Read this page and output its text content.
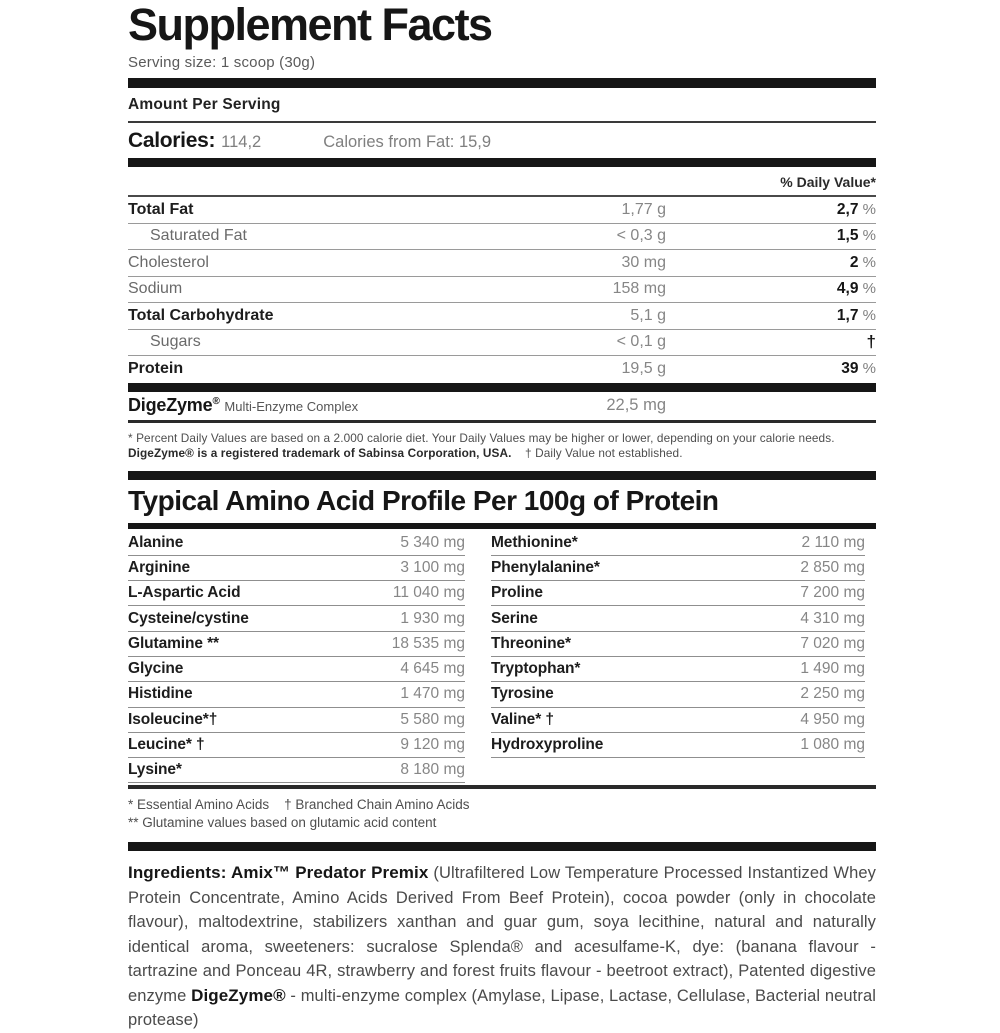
Supplement Facts
Serving size: 1 scoop (30g)
Amount Per Serving
Calories: 114,2	Calories from Fat: 15,9
% Daily Value*
Total Fat	1,77 g	2,7 %
Saturated Fat	< 0,3 g	1,5 %
Cholesterol	30 mg	2 %
Sodium	158 mg	4,9 %
Total Carbohydrate	5,1 g	1,7 %
Sugars	< 0,1 g	†
Protein	19,5 g	39 %
DigeZyme® Multi-Enzyme Complex	22,5 mg
* Percent Daily Values are based on a 2.000 calorie diet. Your Daily Values may be higher or lower, depending on your calorie needs.
DigeZyme® is a registered trademark of Sabinsa Corporation, USA. † Daily Value not established.
Typical Amino Acid Profile Per 100g of Protein
Alanine	5 340 mg
Arginine	3 100 mg
L-Aspartic Acid	11 040 mg
Cysteine/cystine	1 930 mg
Glutamine **	18 535 mg
Glycine	4 645 mg
Histidine	1 470 mg
Isoleucine*†	5 580 mg
Leucine* †	9 120 mg
Lysine*	8 180 mg
Methionine*	2 110 mg
Phenylalanine*	2 850 mg
Proline	7 200 mg
Serine	4 310 mg
Threonine*	7 020 mg
Tryptophan*	1 490 mg
Tyrosine	2 250 mg
Valine* †	4 950 mg
Hydroxyproline	1 080 mg
* Essential Amino Acids † Branched Chain Amino Acids
** Glutamine values based on glutamic acid content
Ingredients: Amix™ Predator Premix (Ultrafiltered Low Temperature Processed Instantized Whey Protein Concentrate, Amino Acids Derived From Beef Protein), cocoa powder (only in chocolate flavour), maltodextrine, stabilizers xanthan and guar gum, soya lecithine, natural and naturally identical aroma, sweeteners: sucralose Splenda® and acesulfame-K, dye: (banana flavour - tartrazine and Ponceau 4R, strawberry and forest fruits flavour - beetroot extract), Patented digestive enzyme DigeZyme® - multi-enzyme complex (Amylase, Lipase, Lactase, Cellulase, Bacterial neutral protease)
